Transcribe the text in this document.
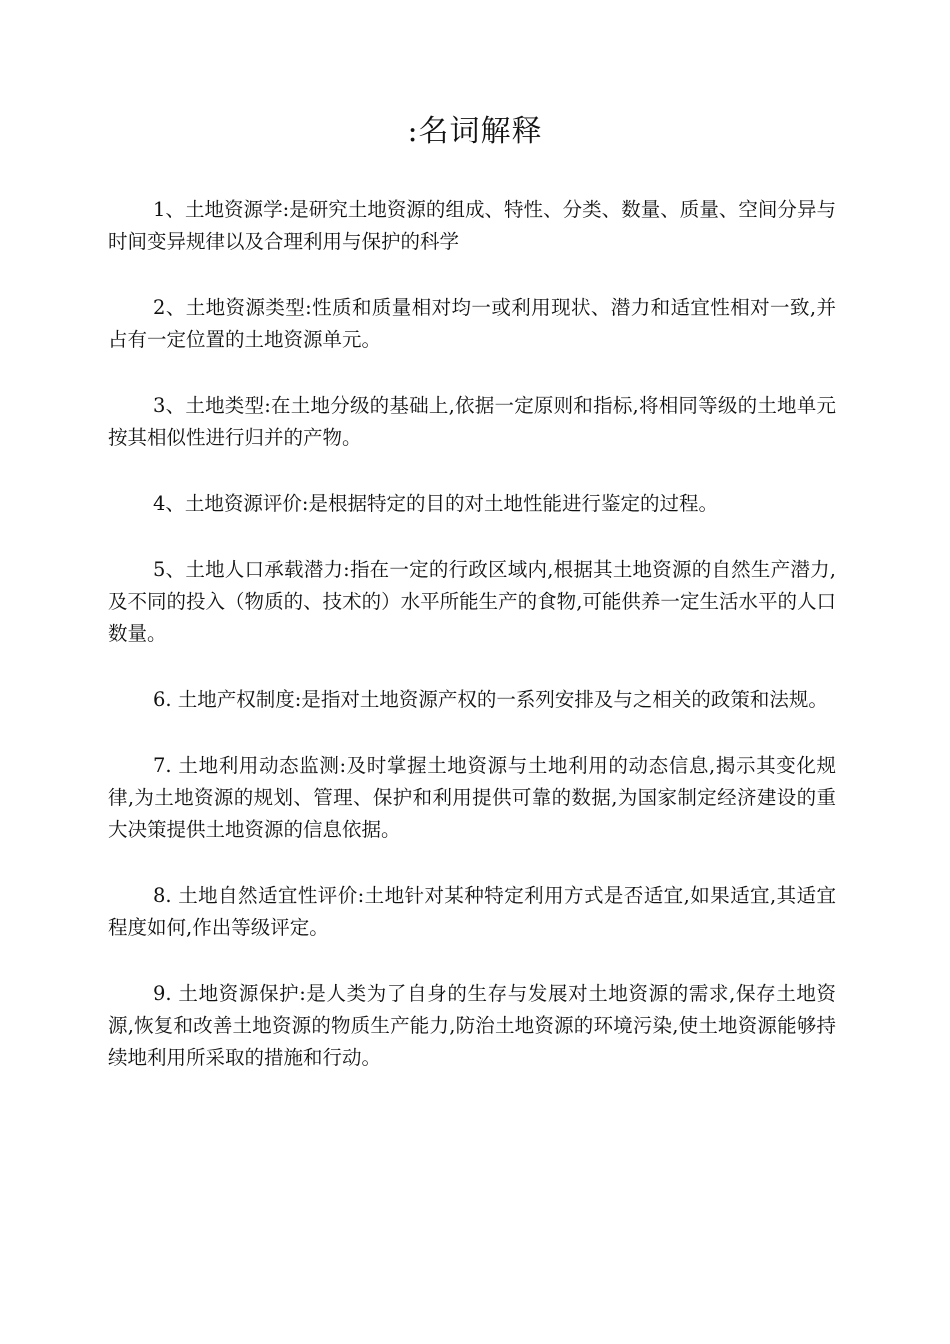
:名词解释

1、土地资源学:是研究土地资源的组成、特性、分类、数量、质量、空间分异与时间变异规律以及合理利用与保护的科学

2、土地资源类型:性质和质量相对均一或利用现状、潜力和适宜性相对一致,并占有一定位置的土地资源单元。

3、土地类型:在土地分级的基础上,依据一定原则和指标,将相同等级的土地单元按其相似性进行归并的产物。

4、土地资源评价:是根据特定的目的对土地性能进行鉴定的过程。

5、土地人口承载潜力:指在一定的行政区域内,根据其土地资源的自然生产潜力,及不同的投入（物质的、技术的）水平所能生产的食物,可能供养一定生活水平的人口数量。

6. 土地产权制度:是指对土地资源产权的一系列安排及与之相关的政策和法规。

7. 土地利用动态监测:及时掌握土地资源与土地利用的动态信息,揭示其变化规律,为土地资源的规划、管理、保护和利用提供可靠的数据,为国家制定经济建设的重大决策提供土地资源的信息依据。

8. 土地自然适宜性评价:土地针对某种特定利用方式是否适宜,如果适宜,其适宜程度如何,作出等级评定。

9. 土地资源保护:是人类为了自身的生存与发展对土地资源的需求,保存土地资源,恢复和改善土地资源的物质生产能力,防治土地资源的环境污染,使土地资源能够持续地利用所采取的措施和行动。
